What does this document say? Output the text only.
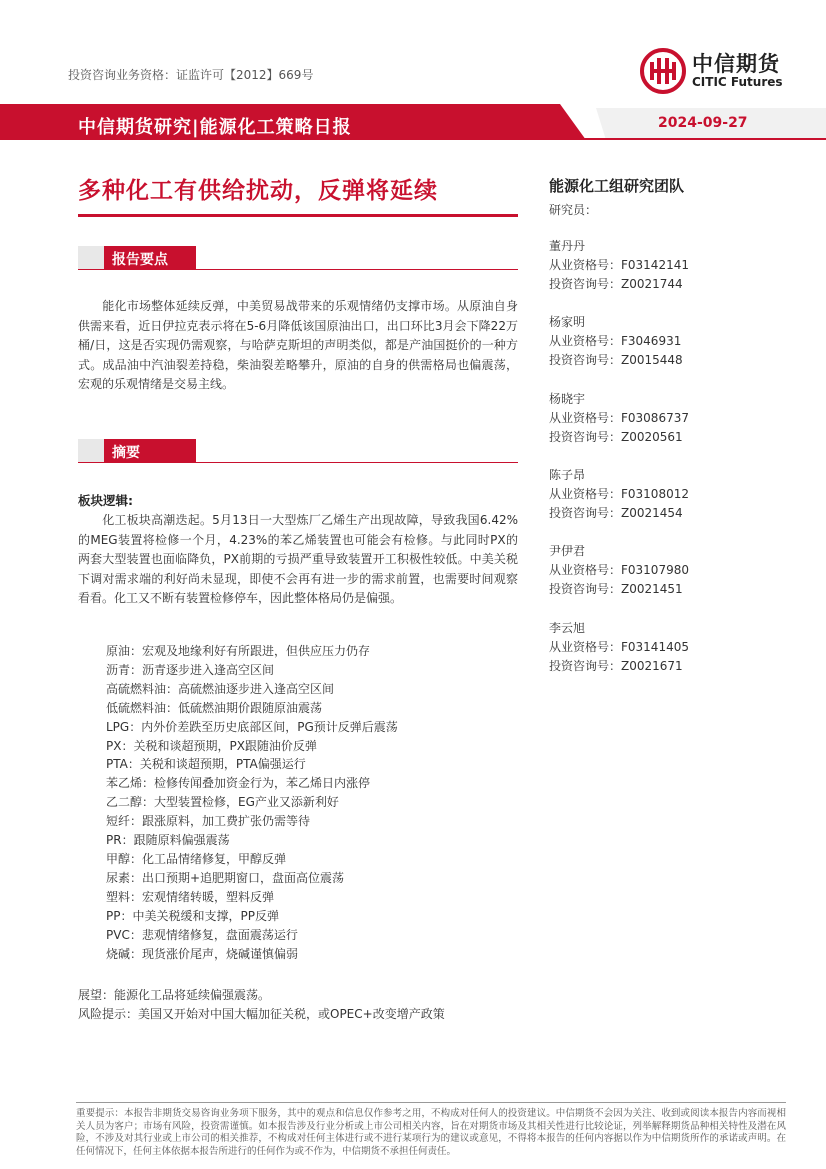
投资咨询业务资格：证监许可【2012】669号	中信期货
CITIC Futures
中信期货研究|能源化工策略日报	2024-09-27
多种化工有供给扰动，反弹将延续
报告要点
能化市场整体延续反弹，中美贸易战带来的乐观情绪仍支撑市场。从原油自身供需来看，近日伊拉克表示将在5-6月降低该国原油出口，出口环比3月会下降22万桶/日，这是否实现仍需观察，与哈萨克斯坦的声明类似，都是产油国挺价的一种方式。成品油中汽油裂差持稳，柴油裂差略攀升，原油的自身的供需格局也偏震荡，宏观的乐观情绪是交易主线。
摘要
板块逻辑:
化工板块高潮迭起。5月13日一大型炼厂乙烯生产出现故障，导致我国6.42%的MEG装置将检修一个月，4.23%的苯乙烯装置也可能会有检修。与此同时PX的两套大型装置也面临降负，PX前期的亏损严重导致装置开工积极性较低。中美关税下调对需求端的利好尚未显现，即使不会再有进一步的需求前置，也需要时间观察看看。化工又不断有装置检修停车，因此整体格局仍是偏强。
原油：宏观及地缘利好有所跟进，但供应压力仍存
沥青：沥青逐步进入逢高空区间
高硫燃料油：高硫燃油逐步进入逢高空区间
低硫燃料油：低硫燃油期价跟随原油震荡
LPG：内外价差跌至历史底部区间，PG预计反弹后震荡
PX：关税和谈超预期，PX跟随油价反弹
PTA：关税和谈超预期，PTA偏强运行
苯乙烯：检修传闻叠加资金行为，苯乙烯日内涨停
乙二醇：大型装置检修，EG产业又添新利好
短纤：跟涨原料，加工费扩张仍需等待
PR：跟随原料偏强震荡
甲醇：化工品情绪修复，甲醇反弹
尿素：出口预期+追肥期窗口，盘面高位震荡
塑料：宏观情绪转暖，塑料反弹
PP：中美关税缓和支撑，PP反弹
PVC：悲观情绪修复，盘面震荡运行
烧碱：现货涨价尾声，烧碱谨慎偏弱
展望：能源化工品将延续偏强震荡。
风险提示：美国又开始对中国大幅加征关税，或OPEC+改变增产政策
能源化工组研究团队
研究员：
董丹丹
从业资格号：F03142141
投资咨询号：Z0021744
杨家明
从业资格号：F3046931
投资咨询号：Z0015448
杨晓宇
从业资格号：F03086737
投资咨询号：Z0020561
陈子昂
从业资格号：F03108012
投资咨询号：Z0021454
尹伊君
从业资格号：F03107980
投资咨询号：Z0021451
李云旭
从业资格号：F03141405
投资咨询号：Z0021671
重要提示：本报告非期货交易咨询业务项下服务，其中的观点和信息仅作参考之用，不构成对任何人的投资建议。中信期货不会因为关注、收到或阅读本报告内容而视相关人员为客户；市场有风险，投资需谨慎。如本报告涉及行业分析或上市公司相关内容，旨在对期货市场及其相关性进行比较论证，列举解释期货品种相关特性及潜在风险，不涉及对其行业或上市公司的相关推荐，不构成对任何主体进行或不进行某项行为的建议或意见，不得将本报告的任何内容据以作为中信期货所作的承诺或声明。在任何情况下，任何主体依据本报告所进行的任何作为或不作为，中信期货不承担任何责任。
